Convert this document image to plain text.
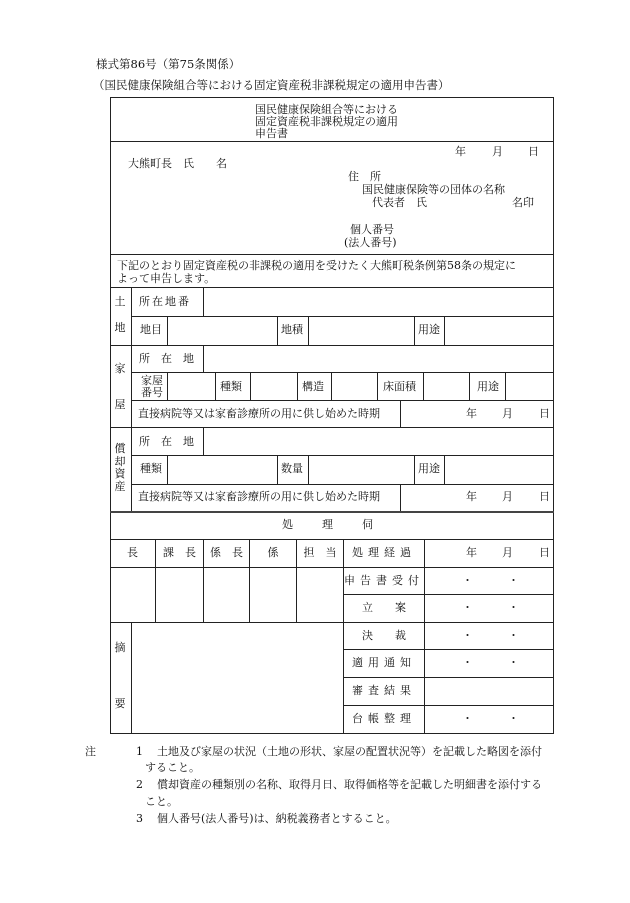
様式第86号（第75条関係）
（国民健康保険組合等における固定資産税非課税規定の適用申告書）
国民健康保険組合等における
固定資産税非課税規定の適用
申告書
年 月 日
大熊町長　氏　　名
住　所
国民健康保険等の団体の名称
代表者　氏	名印
個人番号
(法人番号)
下記のとおり固定資産税の非課税の適用を受けたく大熊町税条例第58条の規定に
よって申告します。
土
地
所在地番
地目	地積	用途
家
屋
所　在　地
家屋
番号	種類	構造	床面積	用途
直接病院等又は家畜診療所の用に供し始めた時期	年 月 日
償
却
資
産
所　在　地
種類	数量	用途
直接病院等又は家畜診療所の用に供し始めた時期	年 月 日
処　理　伺
長	課　長	係　長	係	担　当	処理経過	年 月 日
申告書受付	・	・
立　　案	・	・
決　　裁	・	・
適用通知	・	・
審査結果
台帳整理	・	・
摘
要
注	1 土地及び家屋の状況（土地の形状、家屋の配置状況等）を記載した略図を添付
すること。
2 償却資産の種類別の名称、取得月日、取得価格等を記載した明細書を添付する
こと。
3 個人番号(法人番号)は、納税義務者とすること。
